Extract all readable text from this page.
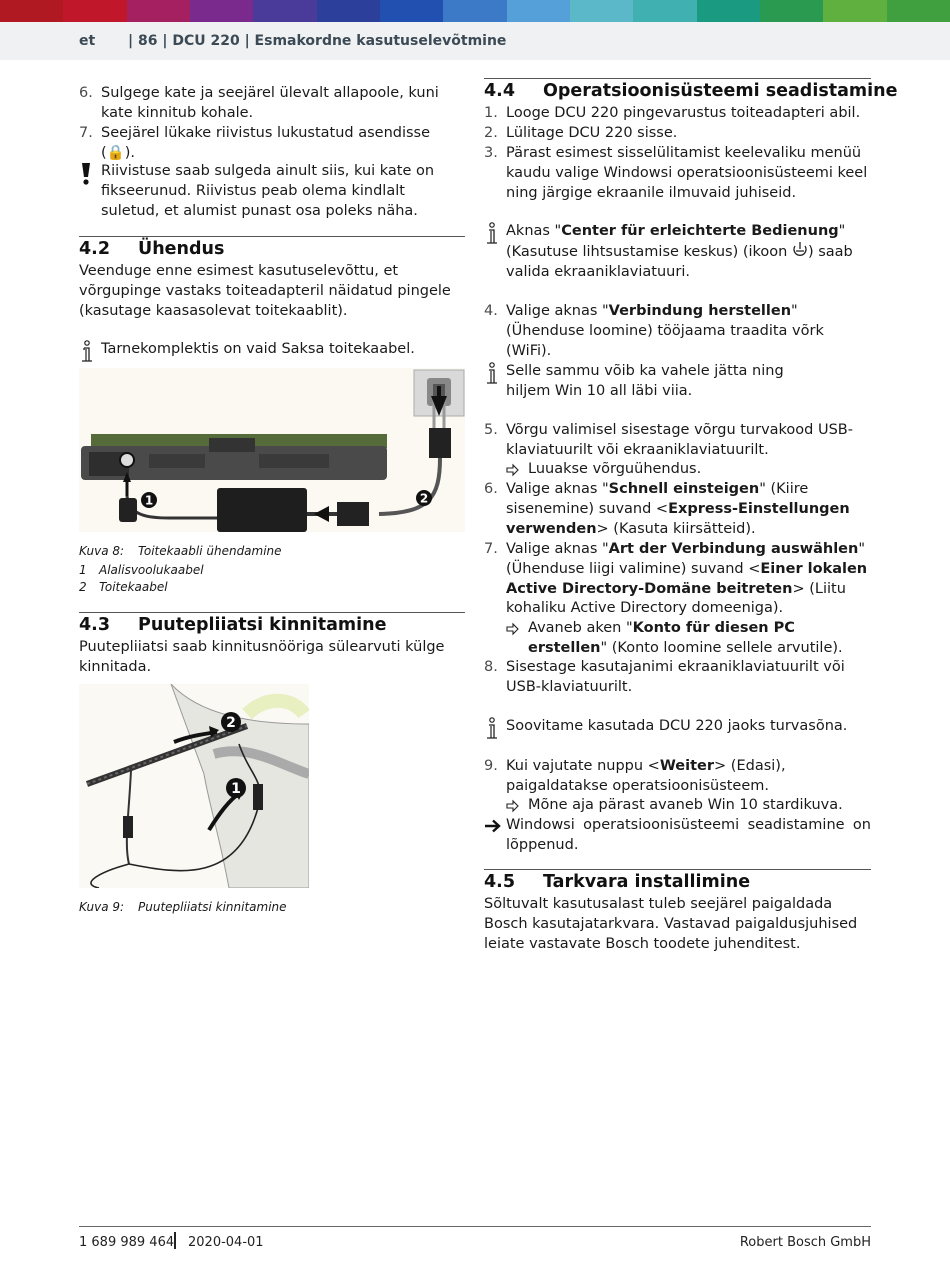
et | 86 | DCU 220 | Esmakordne kasutuselevõtmine
6. Sulgege kate ja seejärel ülevalt allapoole, kuni kate kinnitub kohale.
7. Seejärel lükake riivistus lukustatud asendisse (🔒).
Riivistuse saab sulgeda ainult siis, kui kate on fikseerunud. Riivistus peab olema kindlalt suletud, et alumist punast osa poleks näha.
4.2 Ühendus
Veenduge enne esimest kasutuselevõttu, et võrgupinge vastaks toiteadapteril näidatud pingele (kasutage kaasasolevat toitekaablit).
Tarnekomplektis on vaid Saksa toitekaabel.
1	2
Kuva 8: Toitekaabli ühendamine
1 Alalisvoolukaabel
2 Toitekaabel
4.3 Puutepliiatsi kinnitamine
Puutepliiatsi saab kinnitusnööriga sülearvuti külge kinnitada.
2
1
Kuva 9: Puutepliiatsi kinnitamine
4.4 Operatsioonisüsteemi seadistamine
1. Looge DCU 220 pingevarustus toiteadapteri abil.
2. Lülitage DCU 220 sisse.
3. Pärast esimest sisselülitamist keelevaliku menüü kaudu valige Windowsi operatsioonisüsteemi keel ning järgige ekraanile ilmuvaid juhiseid.
Aknas "Center für erleichterte Bedienung" (Kasutuse lihtsustamise keskus) (ikoon ) saab valida ekraaniklaviatuuri.
4. Valige aknas "Verbindung herstellen" (Ühenduse loomine) tööjaama traadita võrk (WiFi).
Selle sammu võib ka vahele jätta ning hiljem Win 10 all läbi viia.
5. Võrgu valimisel sisestage võrgu turvakood USB-klaviatuurilt või ekraaniklaviatuurilt.
Luuakse võrguühendus.
6. Valige aknas "Schnell einsteigen" (Kiire sisenemine) suvand <Express-Einstellungen verwenden> (Kasuta kiirsätteid).
7. Valige aknas "Art der Verbindung auswählen" (Ühenduse liigi valimine) suvand <Einer lokalen Active Directory-Domäne beitreten> (Liitu kohaliku Active Directory domeeniga).
Avaneb aken "Konto für diesen PC erstellen" (Konto loomine sellele arvutile).
8. Sisestage kasutajanimi ekraaniklaviatuurilt või USB-klaviatuurilt.
Soovitame kasutada DCU 220 jaoks turvasõna.
9. Kui vajutate nuppu <Weiter> (Edasi), paigaldatakse operatsioonisüsteem.
Mõne aja pärast avaneb Win 10 stardikuva.
Windowsi operatsioonisüsteemi seadistamine on lõppenud.
4.5 Tarkvara installimine
Sõltuvalt kasutusalast tuleb seejärel paigaldada Bosch kasutajatarkvara. Vastavad paigaldusjuhised leiate vastavate Bosch toodete juhenditest.
1 689 989 464 2020-04-01	Robert Bosch GmbH
